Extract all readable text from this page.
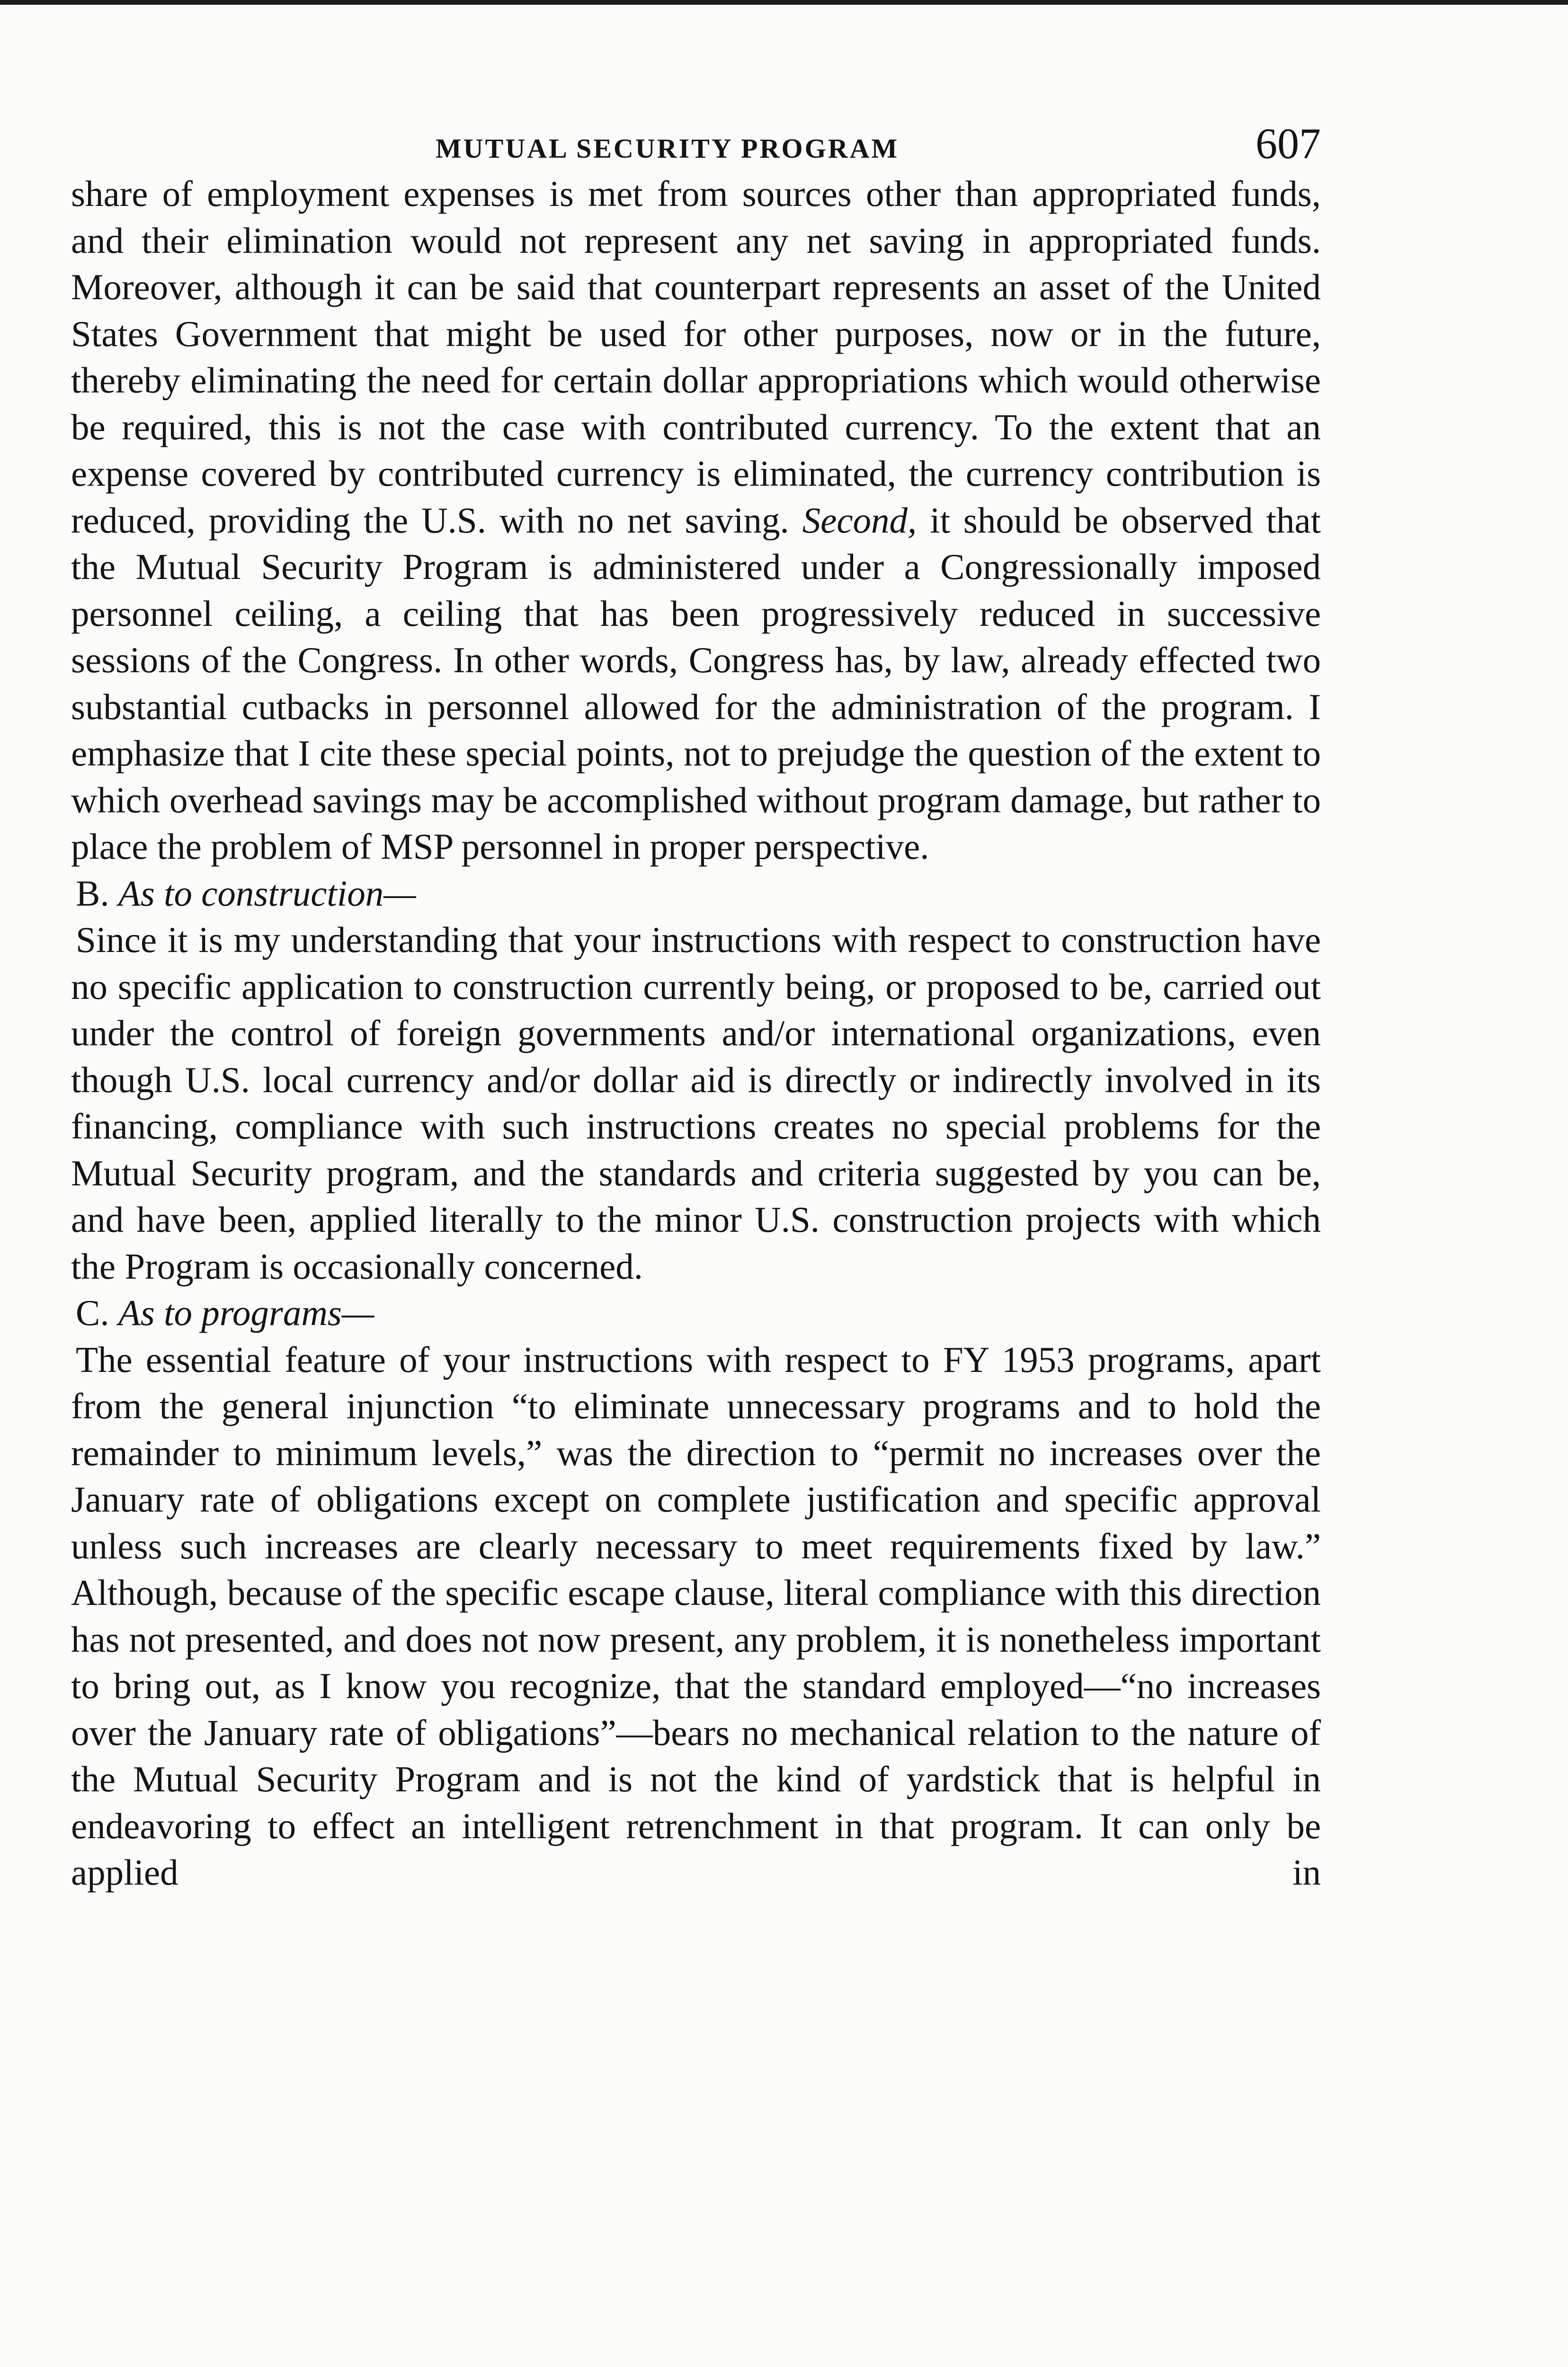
MUTUAL SECURITY PROGRAM	607

share of employment expenses is met from sources other than appropriated funds, and their elimination would not represent any net saving in appropriated funds. Moreover, although it can be said that counterpart represents an asset of the United States Government that might be used for other purposes, now or in the future, thereby eliminating the need for certain dollar appropriations which would otherwise be required, this is not the case with contributed currency. To the extent that an expense covered by contributed currency is eliminated, the currency contribution is reduced, providing the U.S. with no net saving. Second, it should be observed that the Mutual Security Program is administered under a Congressionally imposed personnel ceiling, a ceiling that has been progressively reduced in successive sessions of the Congress. In other words, Congress has, by law, already effected two substantial cutbacks in personnel allowed for the administration of the program. I emphasize that I cite these special points, not to prejudge the question of the extent to which overhead savings may be accomplished without program damage, but rather to place the problem of MSP personnel in proper perspective.

B. As to construction—

Since it is my understanding that your instructions with respect to construction have no specific application to construction currently being, or proposed to be, carried out under the control of foreign governments and/or international organizations, even though U.S. local currency and/or dollar aid is directly or indirectly involved in its financing, compliance with such instructions creates no special problems for the Mutual Security program, and the standards and criteria suggested by you can be, and have been, applied literally to the minor U.S. construction projects with which the Program is occasionally concerned.

C. As to programs—

The essential feature of your instructions with respect to FY 1953 programs, apart from the general injunction “to eliminate unnecessary programs and to hold the remainder to minimum levels,” was the direction to “permit no increases over the January rate of obligations except on complete justification and specific approval unless such increases are clearly necessary to meet requirements fixed by law.” Although, because of the specific escape clause, literal compliance with this direction has not presented, and does not now present, any problem, it is nonetheless important to bring out, as I know you recognize, that the standard employed—“no increases over the January rate of obligations”—bears no mechanical relation to the nature of the Mutual Security Program and is not the kind of yardstick that is helpful in endeavoring to effect an intelligent retrenchment in that program. It can only be applied in
